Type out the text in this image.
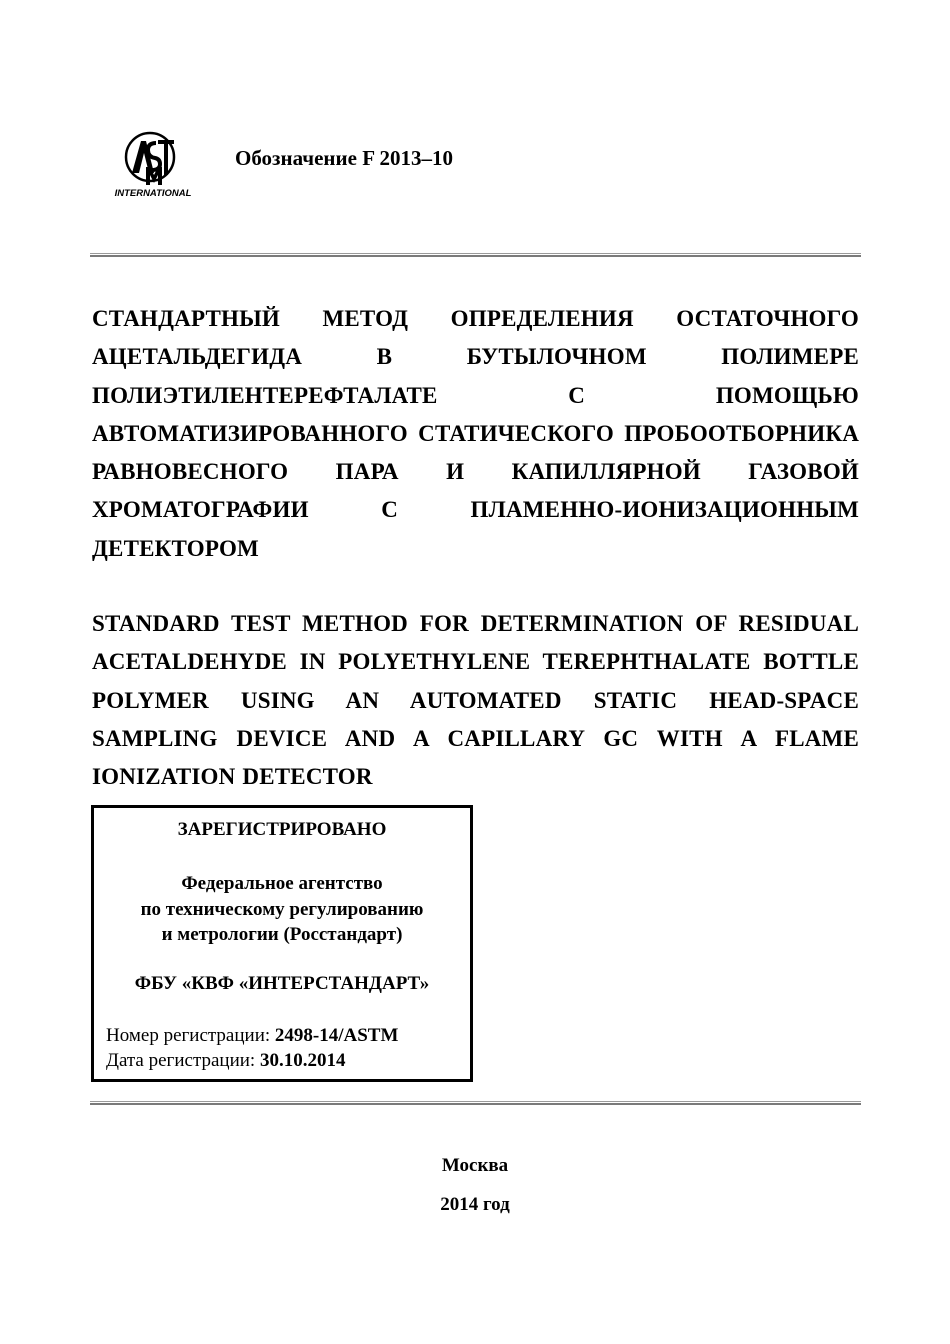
INTERNATIONAL
Обозначение F 2013–10
СТАНДАРТНЫЙ МЕТОД ОПРЕДЕЛЕНИЯ ОСТАТОЧНОГО АЦЕТАЛЬДЕГИДА В БУТЫЛОЧНОМ ПОЛИМЕРЕ ПОЛИЭТИЛЕНТЕРЕФТАЛАТЕ С ПОМОЩЬЮ АВТОМАТИЗИРОВАННОГО СТАТИЧЕСКОГО ПРОБООТБОРНИКА РАВНОВЕСНОГО ПАРА И КАПИЛЛЯРНОЙ ГАЗОВОЙ ХРОМАТОГРАФИИ С ПЛАМЕННО-ИОНИЗАЦИОННЫМ ДЕТЕКТОРОМ
STANDARD TEST METHOD FOR DETERMINATION OF RESIDUAL ACETALDEHYDE IN POLYETHYLENE TEREPHTHALATE BOTTLE POLYMER USING AN AUTOMATED STATIC HEAD-SPACE SAMPLING DEVICE AND A CAPILLARY GC WITH A FLAME IONIZATION DETECTOR
ЗАРЕГИСТРИРОВАНО
Федеральное агентство
по техническому регулированию
и метрологии (Росстандарт)
ФБУ «КВФ «ИНТЕРСТАНДАРТ»
Номер регистрации: 2498-14/ASTM
Дата регистрации: 30.10.2014
Москва
2014 год
